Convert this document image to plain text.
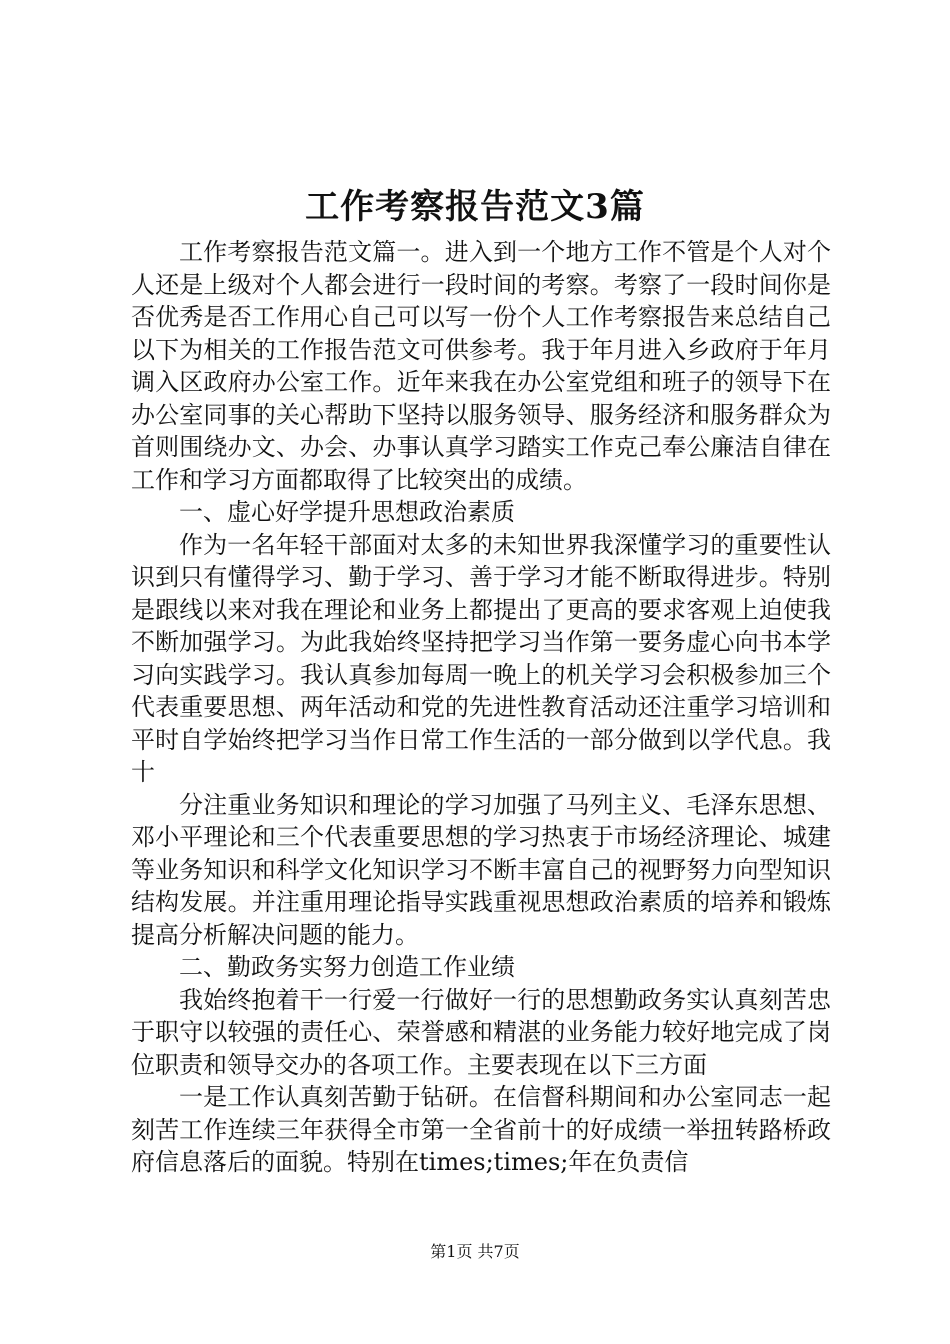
工作考察报告范文3篇

工作考察报告范文篇一。进入到一个地方工作不管是个人对个人还是上级对个人都会进行一段时间的考察。考察了一段时间你是否优秀是否工作用心自己可以写一份个人工作考察报告来总结自己以下为相关的工作报告范文可供参考。我于年月进入乡政府于年月调入区政府办公室工作。近年来我在办公室党组和班子的领导下在办公室同事的关心帮助下坚持以服务领导、服务经济和服务群众为首则围绕办文、办会、办事认真学习踏实工作克己奉公廉洁自律在工作和学习方面都取得了比较突出的成绩。

一、虚心好学提升思想政治素质

作为一名年轻干部面对太多的未知世界我深懂学习的重要性认识到只有懂得学习、勤于学习、善于学习才能不断取得进步。特别是跟线以来对我在理论和业务上都提出了更高的要求客观上迫使我不断加强学习。为此我始终坚持把学习当作第一要务虚心向书本学习向实践学习。我认真参加每周一晚上的机关学习会积极参加三个代表重要思想、两年活动和党的先进性教育活动还注重学习培训和平时自学始终把学习当作日常工作生活的一部分做到以学代息。我十

分注重业务知识和理论的学习加强了马列主义、毛泽东思想、邓小平理论和三个代表重要思想的学习热衷于市场经济理论、城建等业务知识和科学文化知识学习不断丰富自己的视野努力向型知识结构发展。并注重用理论指导实践重视思想政治素质的培养和锻炼提高分析解决问题的能力。

二、勤政务实努力创造工作业绩

我始终抱着干一行爱一行做好一行的思想勤政务实认真刻苦忠于职守以较强的责任心、荣誉感和精湛的业务能力较好地完成了岗位职责和领导交办的各项工作。主要表现在以下三方面

一是工作认真刻苦勤于钻研。在信督科期间和办公室同志一起刻苦工作连续三年获得全市第一全省前十的好成绩一举扭转路桥政府信息落后的面貌。特别在times;times;年在负责信

第1页 共7页
